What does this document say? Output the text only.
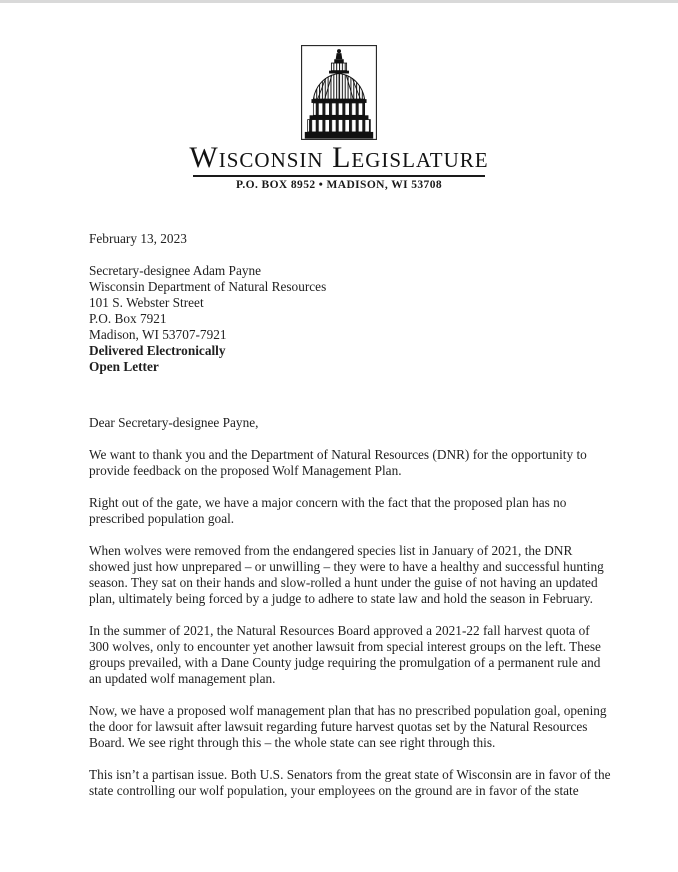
Wisconsin Legislature
P.O. BOX 8952 • MADISON, WI 53708

February 13, 2023

Secretary-designee Adam Payne
Wisconsin Department of Natural Resources
101 S. Webster Street
P.O. Box 7921
Madison, WI 53707-7921
Delivered Electronically
Open Letter

Dear Secretary-designee Payne,

We want to thank you and the Department of Natural Resources (DNR) for the opportunity to provide feedback on the proposed Wolf Management Plan.

Right out of the gate, we have a major concern with the fact that the proposed plan has no prescribed population goal.

When wolves were removed from the endangered species list in January of 2021, the DNR showed just how unprepared – or unwilling – they were to have a healthy and successful hunting season. They sat on their hands and slow-rolled a hunt under the guise of not having an updated plan, ultimately being forced by a judge to adhere to state law and hold the season in February.

In the summer of 2021, the Natural Resources Board approved a 2021-22 fall harvest quota of 300 wolves, only to encounter yet another lawsuit from special interest groups on the left. These groups prevailed, with a Dane County judge requiring the promulgation of a permanent rule and an updated wolf management plan.

Now, we have a proposed wolf management plan that has no prescribed population goal, opening the door for lawsuit after lawsuit regarding future harvest quotas set by the Natural Resources Board. We see right through this – the whole state can see right through this.

This isn’t a partisan issue. Both U.S. Senators from the great state of Wisconsin are in favor of the state controlling our wolf population, your employees on the ground are in favor of the state
